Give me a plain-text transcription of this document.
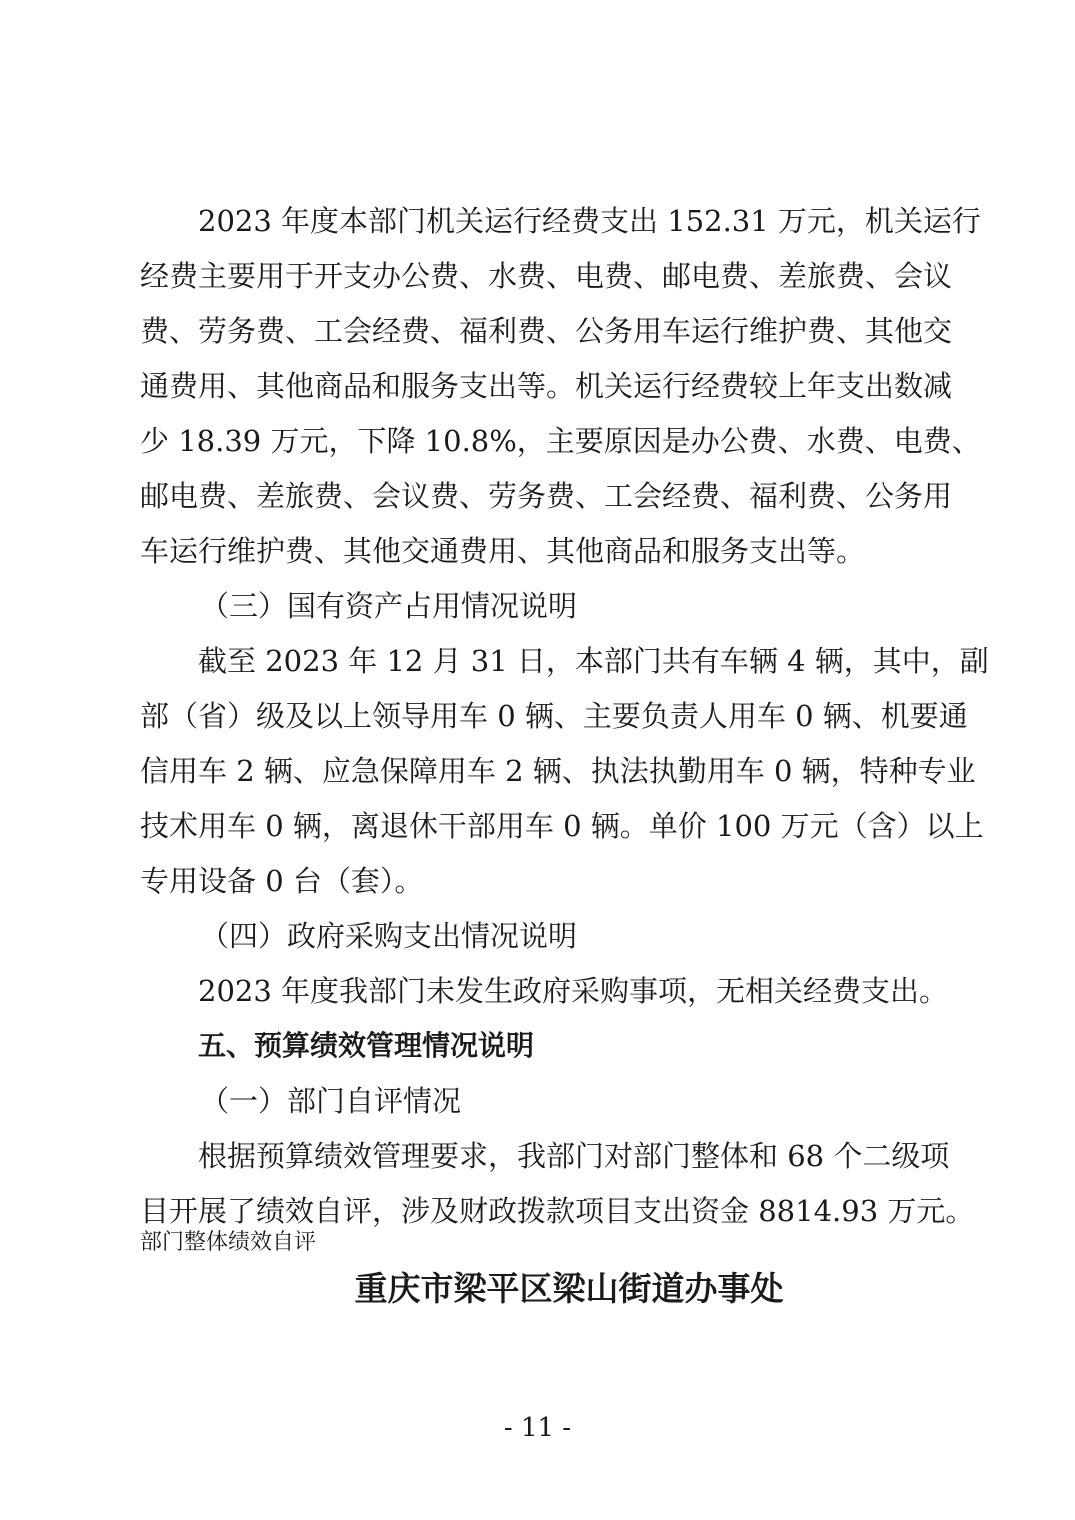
2023 年度本部门机关运行经费支出 152.31 万元，机关运行
经费主要用于开支办公费、水费、电费、邮电费、差旅费、会议
费、劳务费、工会经费、福利费、公务用车运行维护费、其他交
通费用、其他商品和服务支出等。机关运行经费较上年支出数减
少 18.39 万元，下降 10.8%，主要原因是办公费、水费、电费、
邮电费、差旅费、会议费、劳务费、工会经费、福利费、公务用
车运行维护费、其他交通费用、其他商品和服务支出等。
（三）国有资产占用情况说明
截至 2023 年 12 月 31 日，本部门共有车辆 4 辆，其中，副
部（省）级及以上领导用车 0 辆、主要负责人用车 0 辆、机要通
信用车 2 辆、应急保障用车 2 辆、执法执勤用车 0 辆，特种专业
技术用车 0 辆，离退休干部用车 0 辆。单价 100 万元（含）以上
专用设备 0 台（套）。
（四）政府采购支出情况说明
2023 年度我部门未发生政府采购事项，无相关经费支出。
五、预算绩效管理情况说明
（一）部门自评情况
根据预算绩效管理要求，我部门对部门整体和 68 个二级项
目开展了绩效自评，涉及财政拨款项目支出资金 8814.93 万元。
部门整体绩效自评
重庆市梁平区梁山街道办事处
- 11 -
